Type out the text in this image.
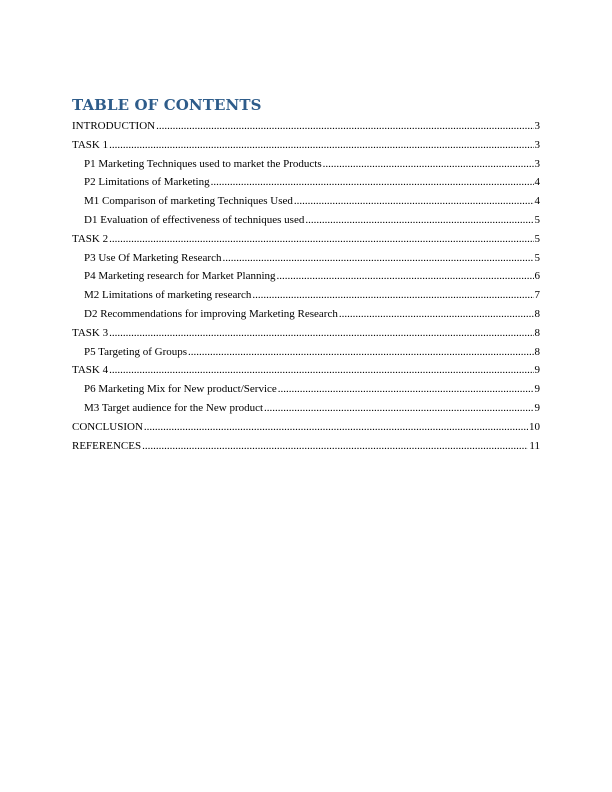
TABLE OF CONTENTS
INTRODUCTION .....	3
TASK 1 .....	3
P1 Marketing Techniques used to market the Products .....	3
P2 Limitations of Marketing .....	4
M1 Comparison of marketing Techniques Used .....	4
D1 Evaluation of effectiveness of techniques used .....	5
TASK 2 .....	5
P3 Use Of Marketing Research .....	5
P4 Marketing research for Market Planning .....	6
M2 Limitations of marketing research .....	7
D2 Recommendations for improving Marketing Research .....	8
TASK 3 .....	8
P5 Targeting of Groups .....	8
TASK 4 .....	9
P6 Marketing Mix for New product/Service .....	9
M3 Target audience for the New product .....	9
CONCLUSION .....	10
REFERENCES .....	11
